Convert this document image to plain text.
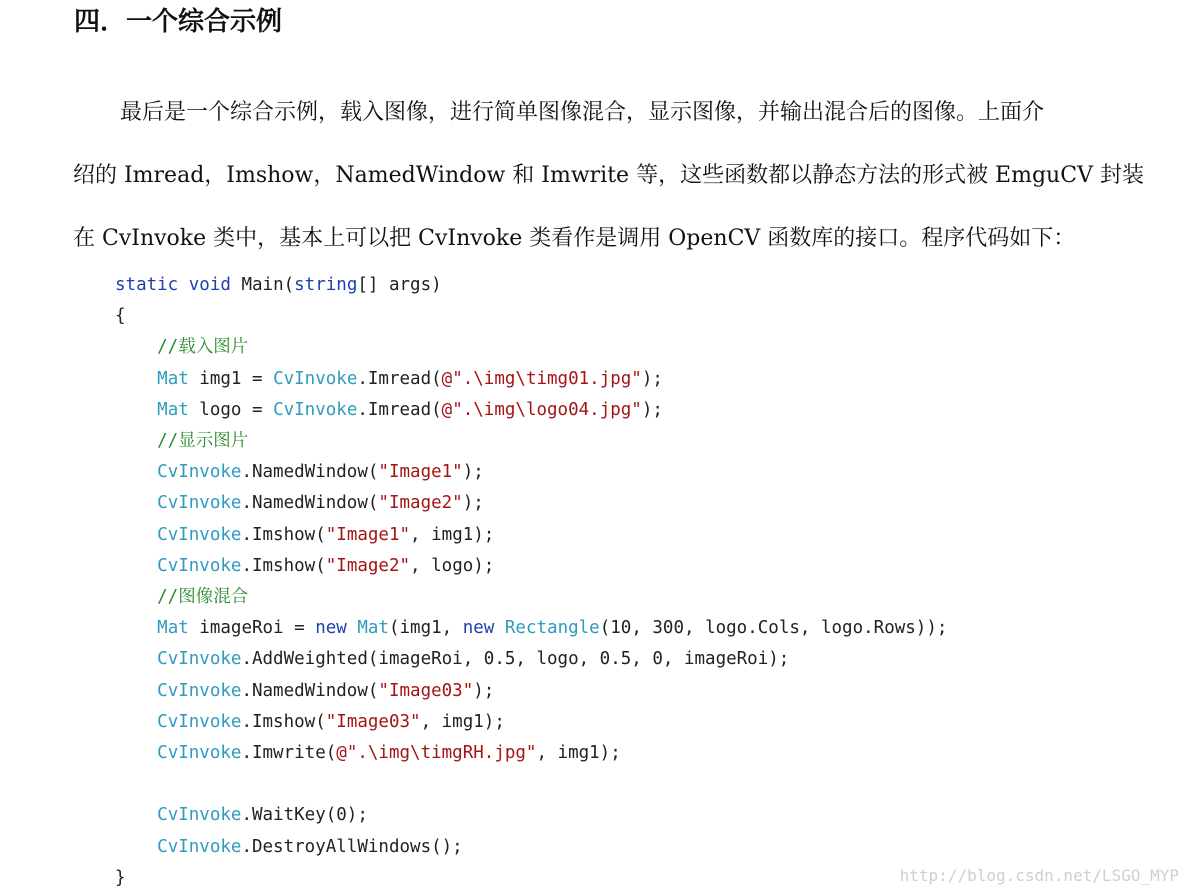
四．一个综合示例

最后是一个综合示例，载入图像，进行简单图像混合，显示图像，并输出混合后的图像。上面介

绍的 Imread，Imshow，NamedWindow 和 Imwrite 等，这些函数都以静态方法的形式被 EmguCV 封装

在 CvInvoke 类中，基本上可以把 CvInvoke 类看作是调用 OpenCV 函数库的接口。程序代码如下：

static void Main(string[] args)
{
//载入图片
Mat img1 = CvInvoke.Imread(@".\img\timg01.jpg");
Mat logo = CvInvoke.Imread(@".\img\logo04.jpg");
//显示图片
CvInvoke.NamedWindow("Image1");
CvInvoke.NamedWindow("Image2");
CvInvoke.Imshow("Image1", img1);
CvInvoke.Imshow("Image2", logo);
//图像混合
Mat imageRoi = new Mat(img1, new Rectangle(10, 300, logo.Cols, logo.Rows));
CvInvoke.AddWeighted(imageRoi, 0.5, logo, 0.5, 0, imageRoi);
CvInvoke.NamedWindow("Image03");
CvInvoke.Imshow("Image03", img1);
CvInvoke.Imwrite(@".\img\timgRH.jpg", img1);
CvInvoke.WaitKey(0);
CvInvoke.DestroyAllWindows();
}	http://blog.csdn.net/LSGO_MYP
